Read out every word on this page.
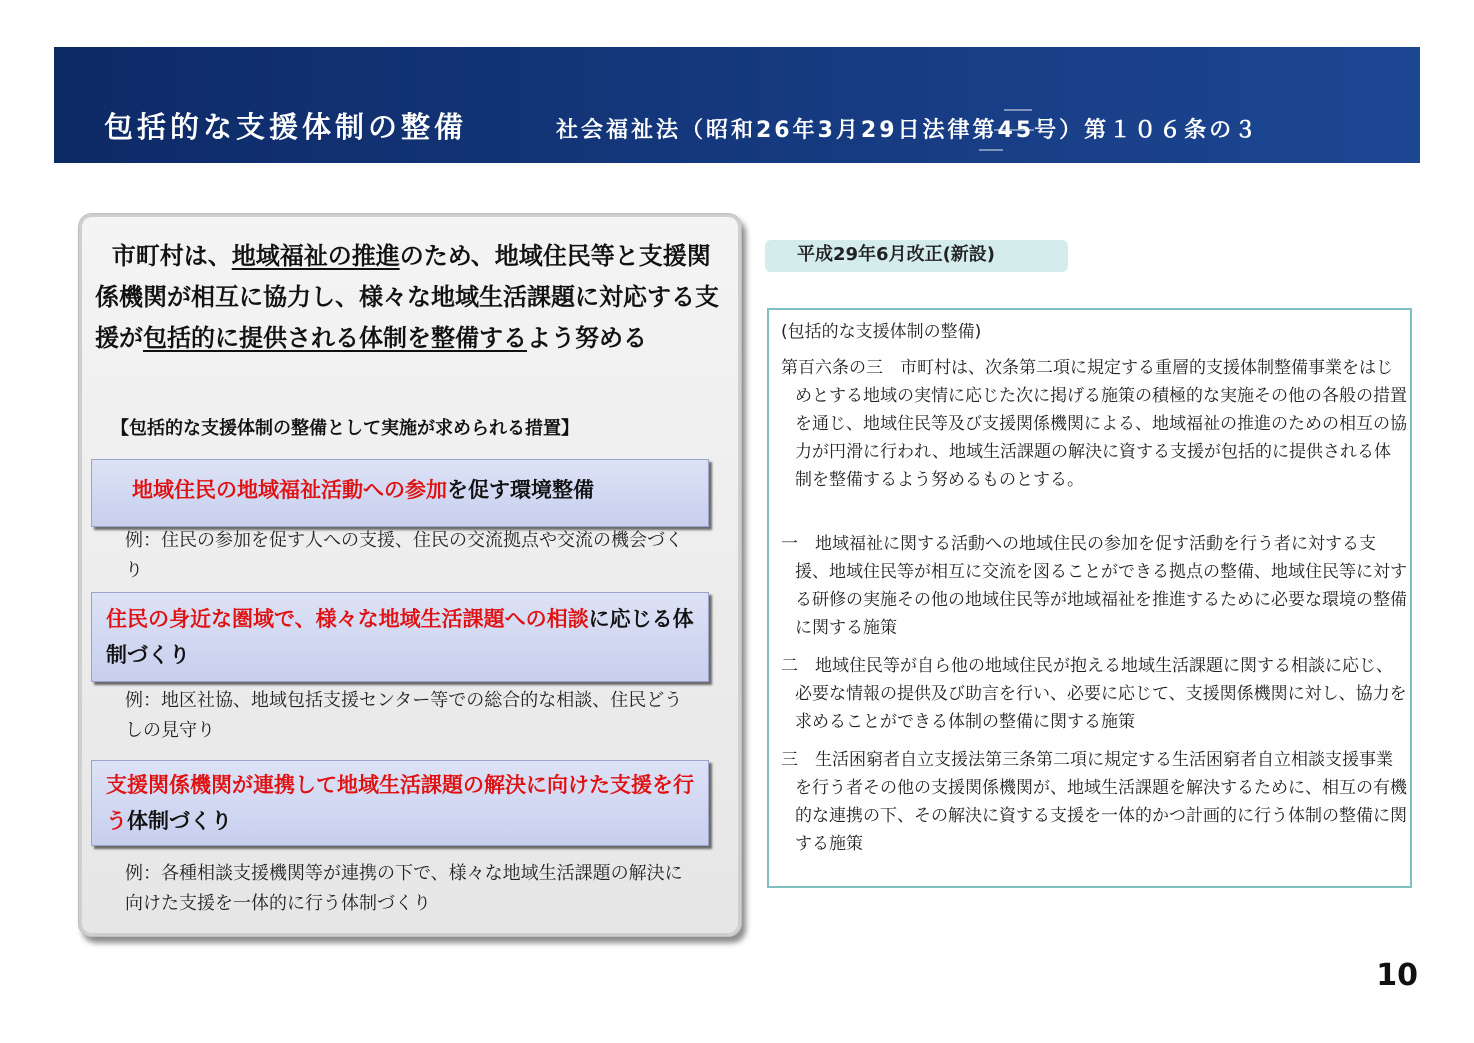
包括的な支援体制の整備	社会福祉法（昭和26年3月29日法律第45号）第１０６条の３
市町村は、地域福祉の推進のため、地域住民等と支援関係機関が相互に協力し、様々な地域生活課題に対応する支援が包括的に提供される体制を整備するよう努める
【包括的な支援体制の整備として実施が求められる措置】
地域住民の地域福祉活動への参加を促す環境整備
例：住民の参加を促す人への支援、住民の交流拠点や交流の機会づくり
住民の身近な圏域で、様々な地域生活課題への相談に応じる体制づくり
例：地区社協、地域包括支援センター等での総合的な相談、住民どうしの見守り
支援関係機関が連携して地域生活課題の解決に向けた支援を行う体制づくり
例：各種相談支援機関等が連携の下で、様々な地域生活課題の解決に向けた支援を一体的に行う体制づくり
平成29年6月改正(新設)
(包括的な支援体制の整備)
第百六条の三　市町村は、次条第二項に規定する重層的支援体制整備事業をはじめとする地域の実情に応じた次に掲げる施策の積極的な実施その他の各般の措置を通じ、地域住民等及び支援関係機関による、地域福祉の推進のための相互の協力が円滑に行われ、地域生活課題の解決に資する支援が包括的に提供される体制を整備するよう努めるものとする。
一　地域福祉に関する活動への地域住民の参加を促す活動を行う者に対する支援、地域住民等が相互に交流を図ることができる拠点の整備、地域住民等に対する研修の実施その他の地域住民等が地域福祉を推進するために必要な環境の整備に関する施策
二　地域住民等が自ら他の地域住民が抱える地域生活課題に関する相談に応じ、必要な情報の提供及び助言を行い、必要に応じて、支援関係機関に対し、協力を求めることができる体制の整備に関する施策
三　生活困窮者自立支援法第三条第二項に規定する生活困窮者自立相談支援事業を行う者その他の支援関係機関が、地域生活課題を解決するために、相互の有機的な連携の下、その解決に資する支援を一体的かつ計画的に行う体制の整備に関する施策
10
